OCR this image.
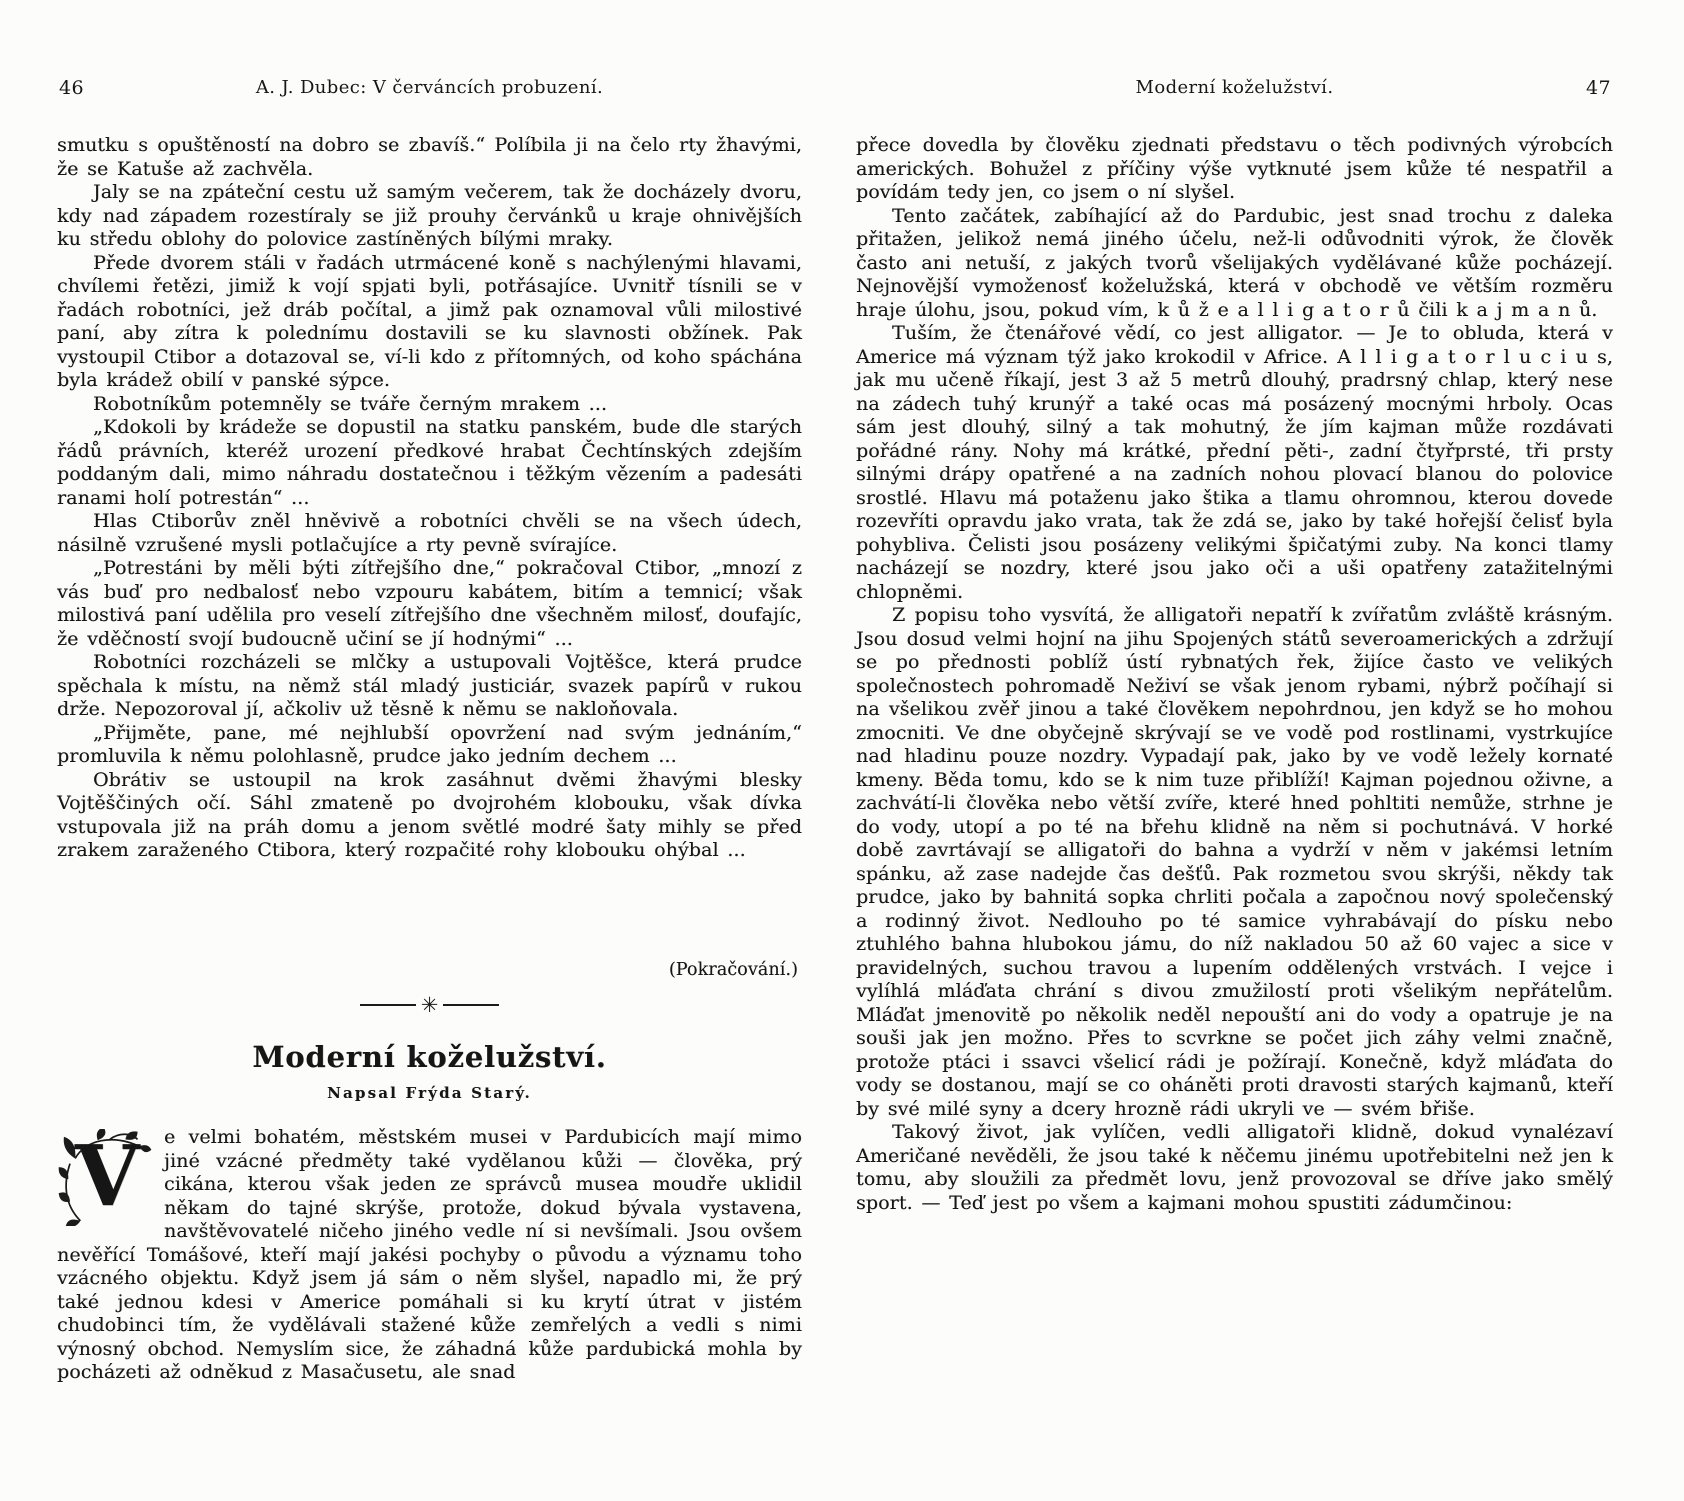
46	A. J. Dubec: V červáncích probuzení.

smutku s opuštěností na dobro se zbavíš.“ Políbila ji na čelo rty žhavými, že se Katuše až zachvěla.

Jaly se na zpáteční cestu už samým večerem, tak že docházely dvoru, kdy nad západem rozestíraly se již prouhy červánků u kraje ohnivějších ku středu oblohy do polovice zastíněných bílými mraky.

Přede dvorem stáli v řadách utrmácené koně s nachýlenými hlavami, chvílemi řetězi, jimiž k vojí spjati byli, potřásajíce. Uvnitř tísnili se v řadách robotníci, jež dráb počítal, a jimž pak oznamoval vůli milostivé paní, aby zítra k polednímu dostavili se ku slavnosti obžínek. Pak vystoupil Ctibor a dotazoval se, ví-li kdo z přítomných, od koho spáchána byla krádež obilí v panské sýpce.

Robotníkům potemněly se tváře černým mrakem ...

„Kdokoli by krádeže se dopustil na statku panském, bude dle starých řádů právních, kteréž urození předkové hrabat Čechtínských zdejším poddaným dali, mimo náhradu dostatečnou i těžkým vězením a padesáti ranami holí potrestán“ ...

Hlas Ctiborův zněl hněvivě a robotníci chvěli se na všech údech, násilně vzrušené mysli potlačujíce a rty pevně svírajíce.

„Potrestáni by měli býti zítřejšího dne,“ pokračoval Ctibor, „mnozí z vás buď pro nedbalosť nebo vzpouru kabátem, bitím a temnicí; však milostivá paní udělila pro veselí zítřejšího dne všechněm milosť, doufajíc, že vděčností svojí budoucně učiní se jí hodnými“ ...

Robotníci rozcházeli se mlčky a ustupovali Vojtěšce, která prudce spěchala k místu, na němž stál mladý justiciár, svazek papírů v rukou drže. Nepozoroval jí, ačkoliv už těsně k němu se nakloňovala.

„Přijměte, pane, mé nejhlubší opovržení nad svým jednáním,“ promluvila k němu polohlasně, prudce jako jedním dechem ...

Obrátiv se ustoupil na krok zasáhnut dvěmi žhavými blesky Vojtěščiných očí. Sáhl zmateně po dvojrohém klobouku, však dívka vstupovala již na práh domu a jenom světlé modré šaty mihly se před zrakem zaraženého Ctibora, který rozpačité rohy klobouku ohýbal ...

(Pokračování.)
✳
Moderní koželužství.
Napsal Frýda Starý.
V	e velmi bohatém, městském musei v Pardubicích mají mimo jiné vzácné předměty také vydělanou kůži — člověka, prý cikána, kterou však jeden ze správců musea moudře uklidil někam do tajné skrýše, protože, dokud bývala vystavena, navštěvovatelé ničeho jiného vedle ní si nevšímali. Jsou ovšem nevěřící Tomášové, kteří mají jakési pochyby o původu a významu toho vzácného objektu. Když jsem já sám o něm slyšel, napadlo mi, že prý také jednou kdesi v Americe pomáhali si ku krytí útrat v jistém chudobinci tím, že vydělávali stažené kůže zemřelých a vedli s nimi výnosný obchod. Nemyslím sice, že záhadná kůže pardubická mohla by pocházeti až odněkud z Masačusetu, ale snad

Moderní koželužství.	47

přece dovedla by člověku zjednati představu o těch podivných výrobcích amerických. Bohužel z příčiny výše vytknuté jsem kůže té nespatřil a povídám tedy jen, co jsem o ní slyšel.

Tento začátek, zabíhající až do Pardubic, jest snad trochu z daleka přitažen, jelikož nemá jiného účelu, než-li odůvodniti výrok, že člověk často ani netuší, z jakých tvorů všelijakých vydělávané kůže pocházejí. Nejnovější vymoženosť koželužská, která v obchodě ve větším rozměru hraje úlohu, jsou, pokud vím, k ů ž e a l l i g a t o r ů čili k a j m a n ů.

Tuším, že čtenářové vědí, co jest alligator. — Je to obluda, která v Americe má význam týž jako krokodil v Africe. A l l i g a t o r l u c i u s, jak mu učeně říkají, jest 3 až 5 metrů dlouhý, pradrsný chlap, který nese na zádech tuhý krunýř a také ocas má posázený mocnými hrboly. Ocas sám jest dlouhý, silný a tak mohutný, že jím kajman může rozdávati pořádné rány. Nohy má krátké, přední pěti-, zadní čtyřprsté, tři prsty silnými drápy opatřené a na zadních nohou plovací blanou do polovice srostlé. Hlavu má potaženu jako štika a tlamu ohromnou, kterou dovede rozevříti opravdu jako vrata, tak že zdá se, jako by také hořejší čelisť byla pohybliva. Čelisti jsou posázeny velikými špičatými zuby. Na konci tlamy nacházejí se nozdry, které jsou jako oči a uši opatřeny zatažitelnými chlopněmi.

Z popisu toho vysvítá, že alligatoři nepatří k zvířatům zvláště krásným. Jsou dosud velmi hojní na jihu Spojených států severoamerických a zdržují se po přednosti poblíž ústí rybnatých řek, žijíce často ve velikých společnostech pohromadě Neživí se však jenom rybami, nýbrž počíhají si na všelikou zvěř jinou a také člověkem nepohrdnou, jen když se ho mohou zmocniti. Ve dne obyčejně skrývají se ve vodě pod rostlinami, vystrkujíce nad hladinu pouze nozdry. Vypadají pak, jako by ve vodě ležely kornaté kmeny. Běda tomu, kdo se k nim tuze přiblíží! Kajman pojednou oživne, a zachvátí-li člověka nebo větší zvíře, které hned pohltiti nemůže, strhne je do vody, utopí a po té na břehu klidně na něm si pochutnává. V horké době zavrtávají se alligatoři do bahna a vydrží v něm v jakémsi letním spánku, až zase nadejde čas dešťů. Pak rozmetou svou skrýši, někdy tak prudce, jako by bahnitá sopka chrliti počala a započnou nový společenský a rodinný život. Nedlouho po té samice vyhrabávají do písku nebo ztuhlého bahna hlubokou jámu, do níž nakladou 50 až 60 vajec a sice v pravidelných, suchou travou a lupením oddělených vrstvách. I vejce i vylíhlá mláďata chrání s divou zmužilostí proti všelikým nepřátelům. Mláďat jmenovitě po několik neděl nepouští ani do vody a opatruje je na souši jak jen možno. Přes to scvrkne se počet jich záhy velmi značně, protože ptáci i ssavci všelicí rádi je požírají. Konečně, když mláďata do vody se dostanou, mají se co oháněti proti dravosti starých kajmanů, kteří by své milé syny a dcery hrozně rádi ukryli ve — svém břiše.

Takový život, jak vylíčen, vedli alligatoři klidně, dokud vynalézaví Američané nevěděli, že jsou také k něčemu jinému upotřebitelni než jen k tomu, aby sloužili za předmět lovu, jenž provozoval se dříve jako smělý sport. — Teď jest po všem a kajmani mohou spustiti zádumčinou:
